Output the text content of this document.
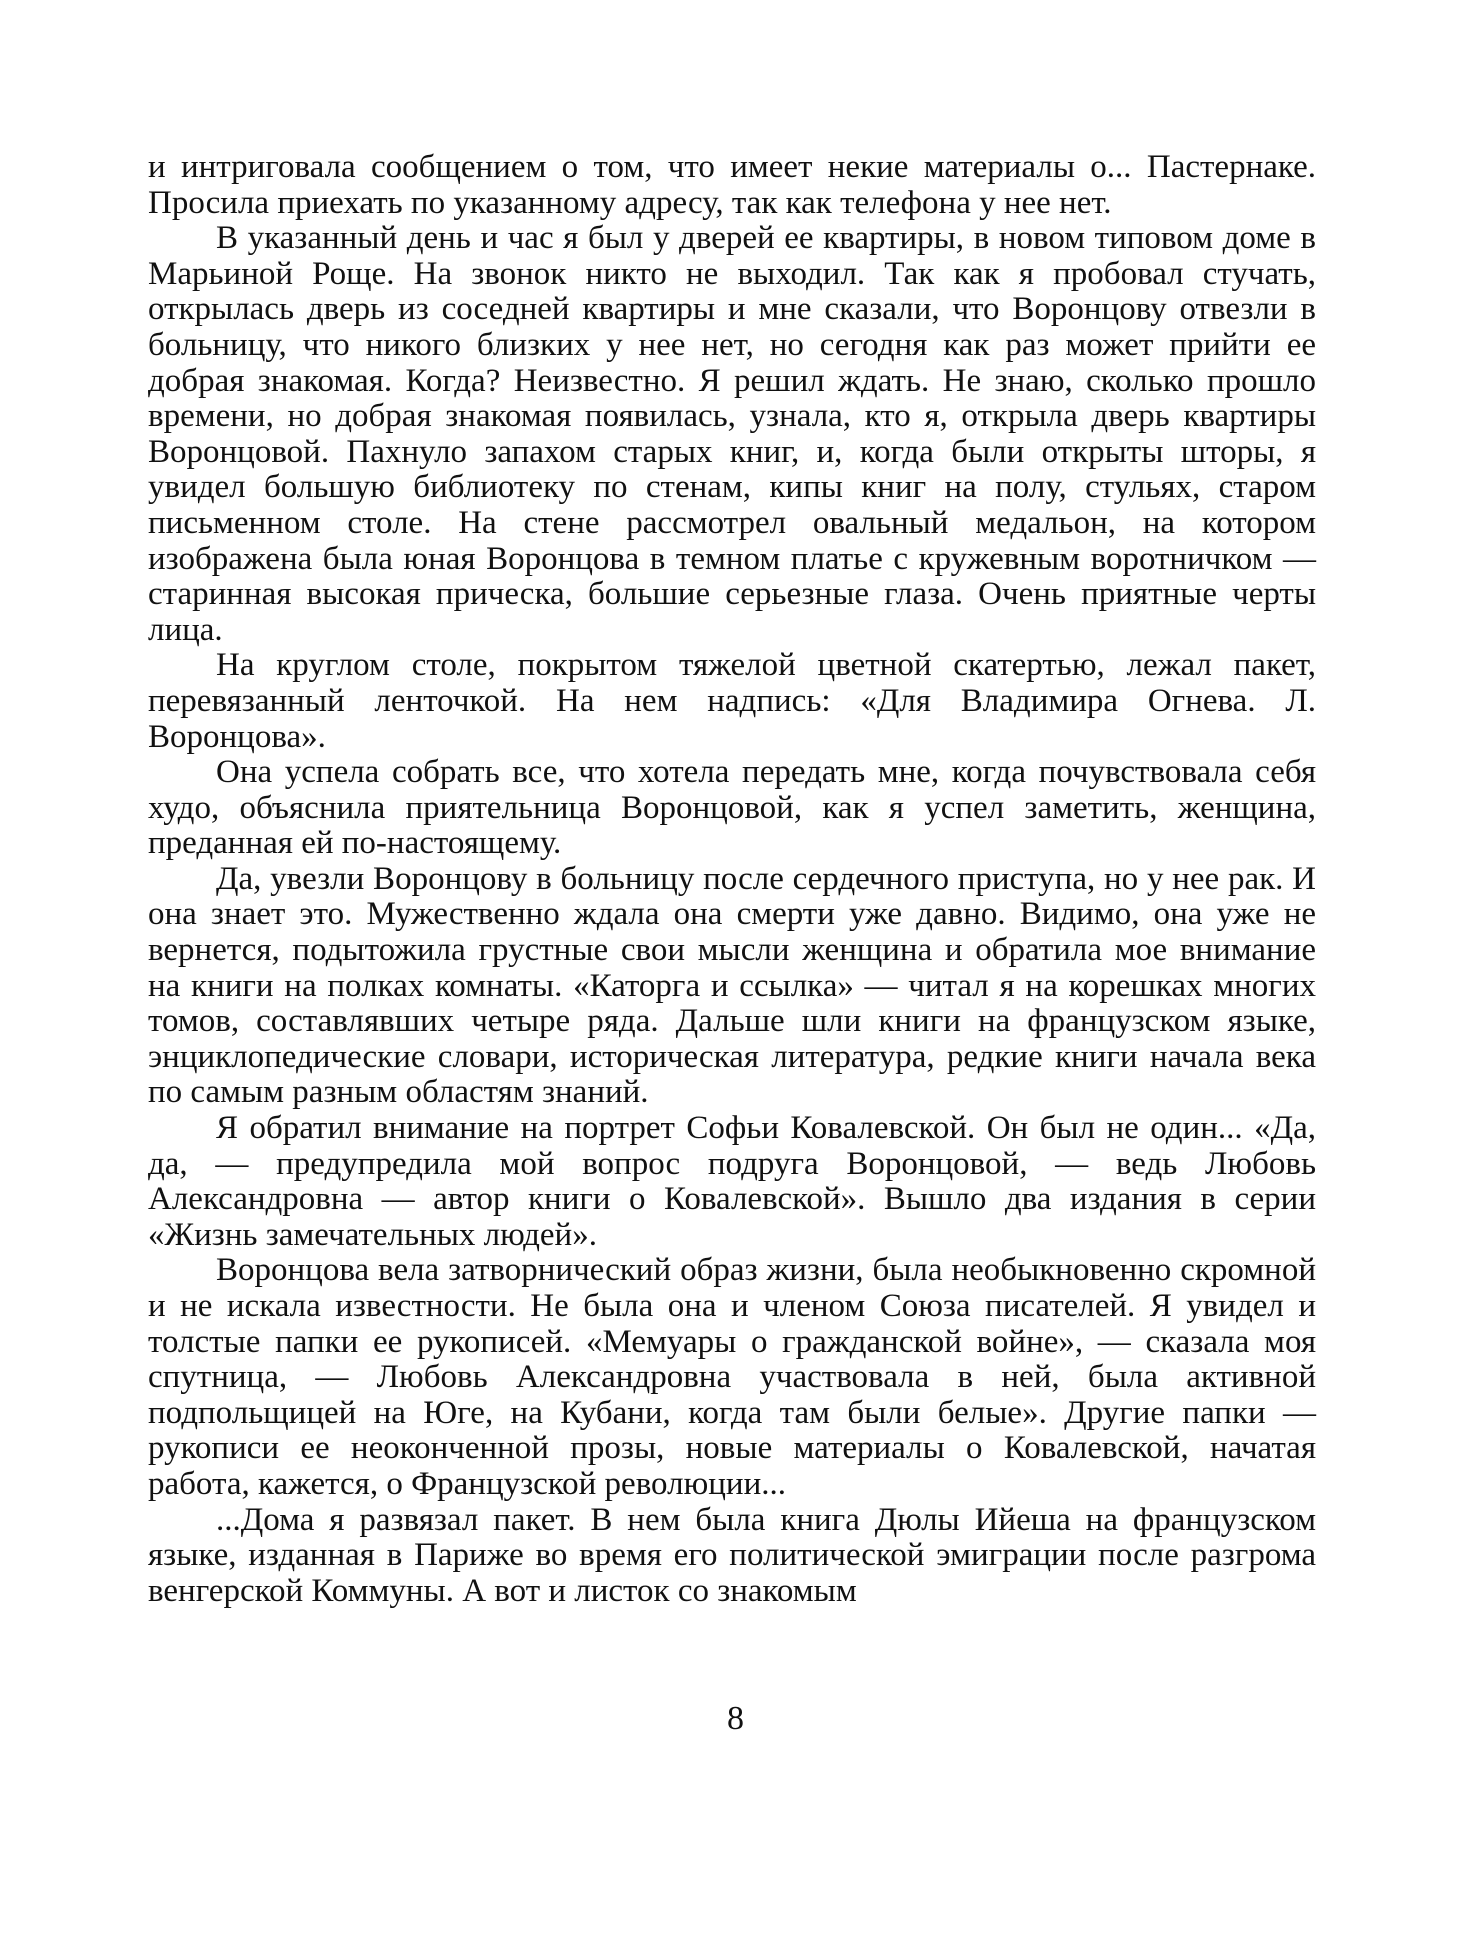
и интриговала сообщением о том, что имеет некие материалы о... Пастернаке. Просила приехать по указанному адресу, так как телефона у нее нет.

В указанный день и час я был у дверей ее квартиры, в новом типовом доме в Марьиной Роще. На звонок никто не выходил. Так как я пробовал стучать, открылась дверь из соседней квартиры и мне сказали, что Воронцову отвезли в больницу, что никого близких у нее нет, но сегодня как раз может прийти ее добрая знакомая. Когда? Неизвестно. Я решил ждать. Не знаю, сколько прошло времени, но добрая знакомая появилась, узнала, кто я, открыла дверь квартиры Воронцовой. Пахнуло запахом старых книг, и, когда были открыты шторы, я увидел большую библиотеку по стенам, кипы книг на полу, стульях, старом письменном столе. На стене рассмотрел овальный медальон, на котором изображена была юная Воронцова в темном платье с кружевным воротничком — старинная высокая прическа, большие серьезные глаза. Очень приятные черты лица.

На круглом столе, покрытом тяжелой цветной скатертью, лежал пакет, перевязанный ленточкой. На нем надпись: «Для Владимира Огнева. Л. Воронцова».

Она успела собрать все, что хотела передать мне, когда почувствовала себя худо, объяснила приятельница Воронцовой, как я успел заметить, женщина, преданная ей по-настоящему.

Да, увезли Воронцову в больницу после сердечного приступа, но у нее рак. И она знает это. Мужественно ждала она смерти уже давно. Видимо, она уже не вернется, подытожила грустные свои мысли женщина и обратила мое внимание на книги на полках комнаты. «Каторга и ссылка» — читал я на корешках многих томов, составлявших четыре ряда. Дальше шли книги на французском языке, энциклопедические словари, историческая литература, редкие книги начала века по самым разным областям знаний.

Я обратил внимание на портрет Софьи Ковалевской. Он был не один... «Да, да, — предупредила мой вопрос подруга Воронцовой, — ведь Любовь Александровна — автор книги о Ковалевской». Вышло два издания в серии «Жизнь замечательных людей».

Воронцова вела затворнический образ жизни, была необыкновенно скромной и не искала известности. Не была она и членом Союза писателей. Я увидел и толстые папки ее рукописей. «Мемуары о гражданской войне», — сказала моя спутница, — Любовь Александровна участвовала в ней, была активной подпольщицей на Юге, на Кубани, когда там были белые». Другие папки — рукописи ее неоконченной прозы, новые материалы о Ковалевской, начатая работа, кажется, о Французской революции...

...Дома я развязал пакет. В нем была книга Дюлы Ийеша на французском языке, изданная в Париже во время его политической эмиграции после разгрома венгерской Коммуны. А вот и листок со знакомым

8
